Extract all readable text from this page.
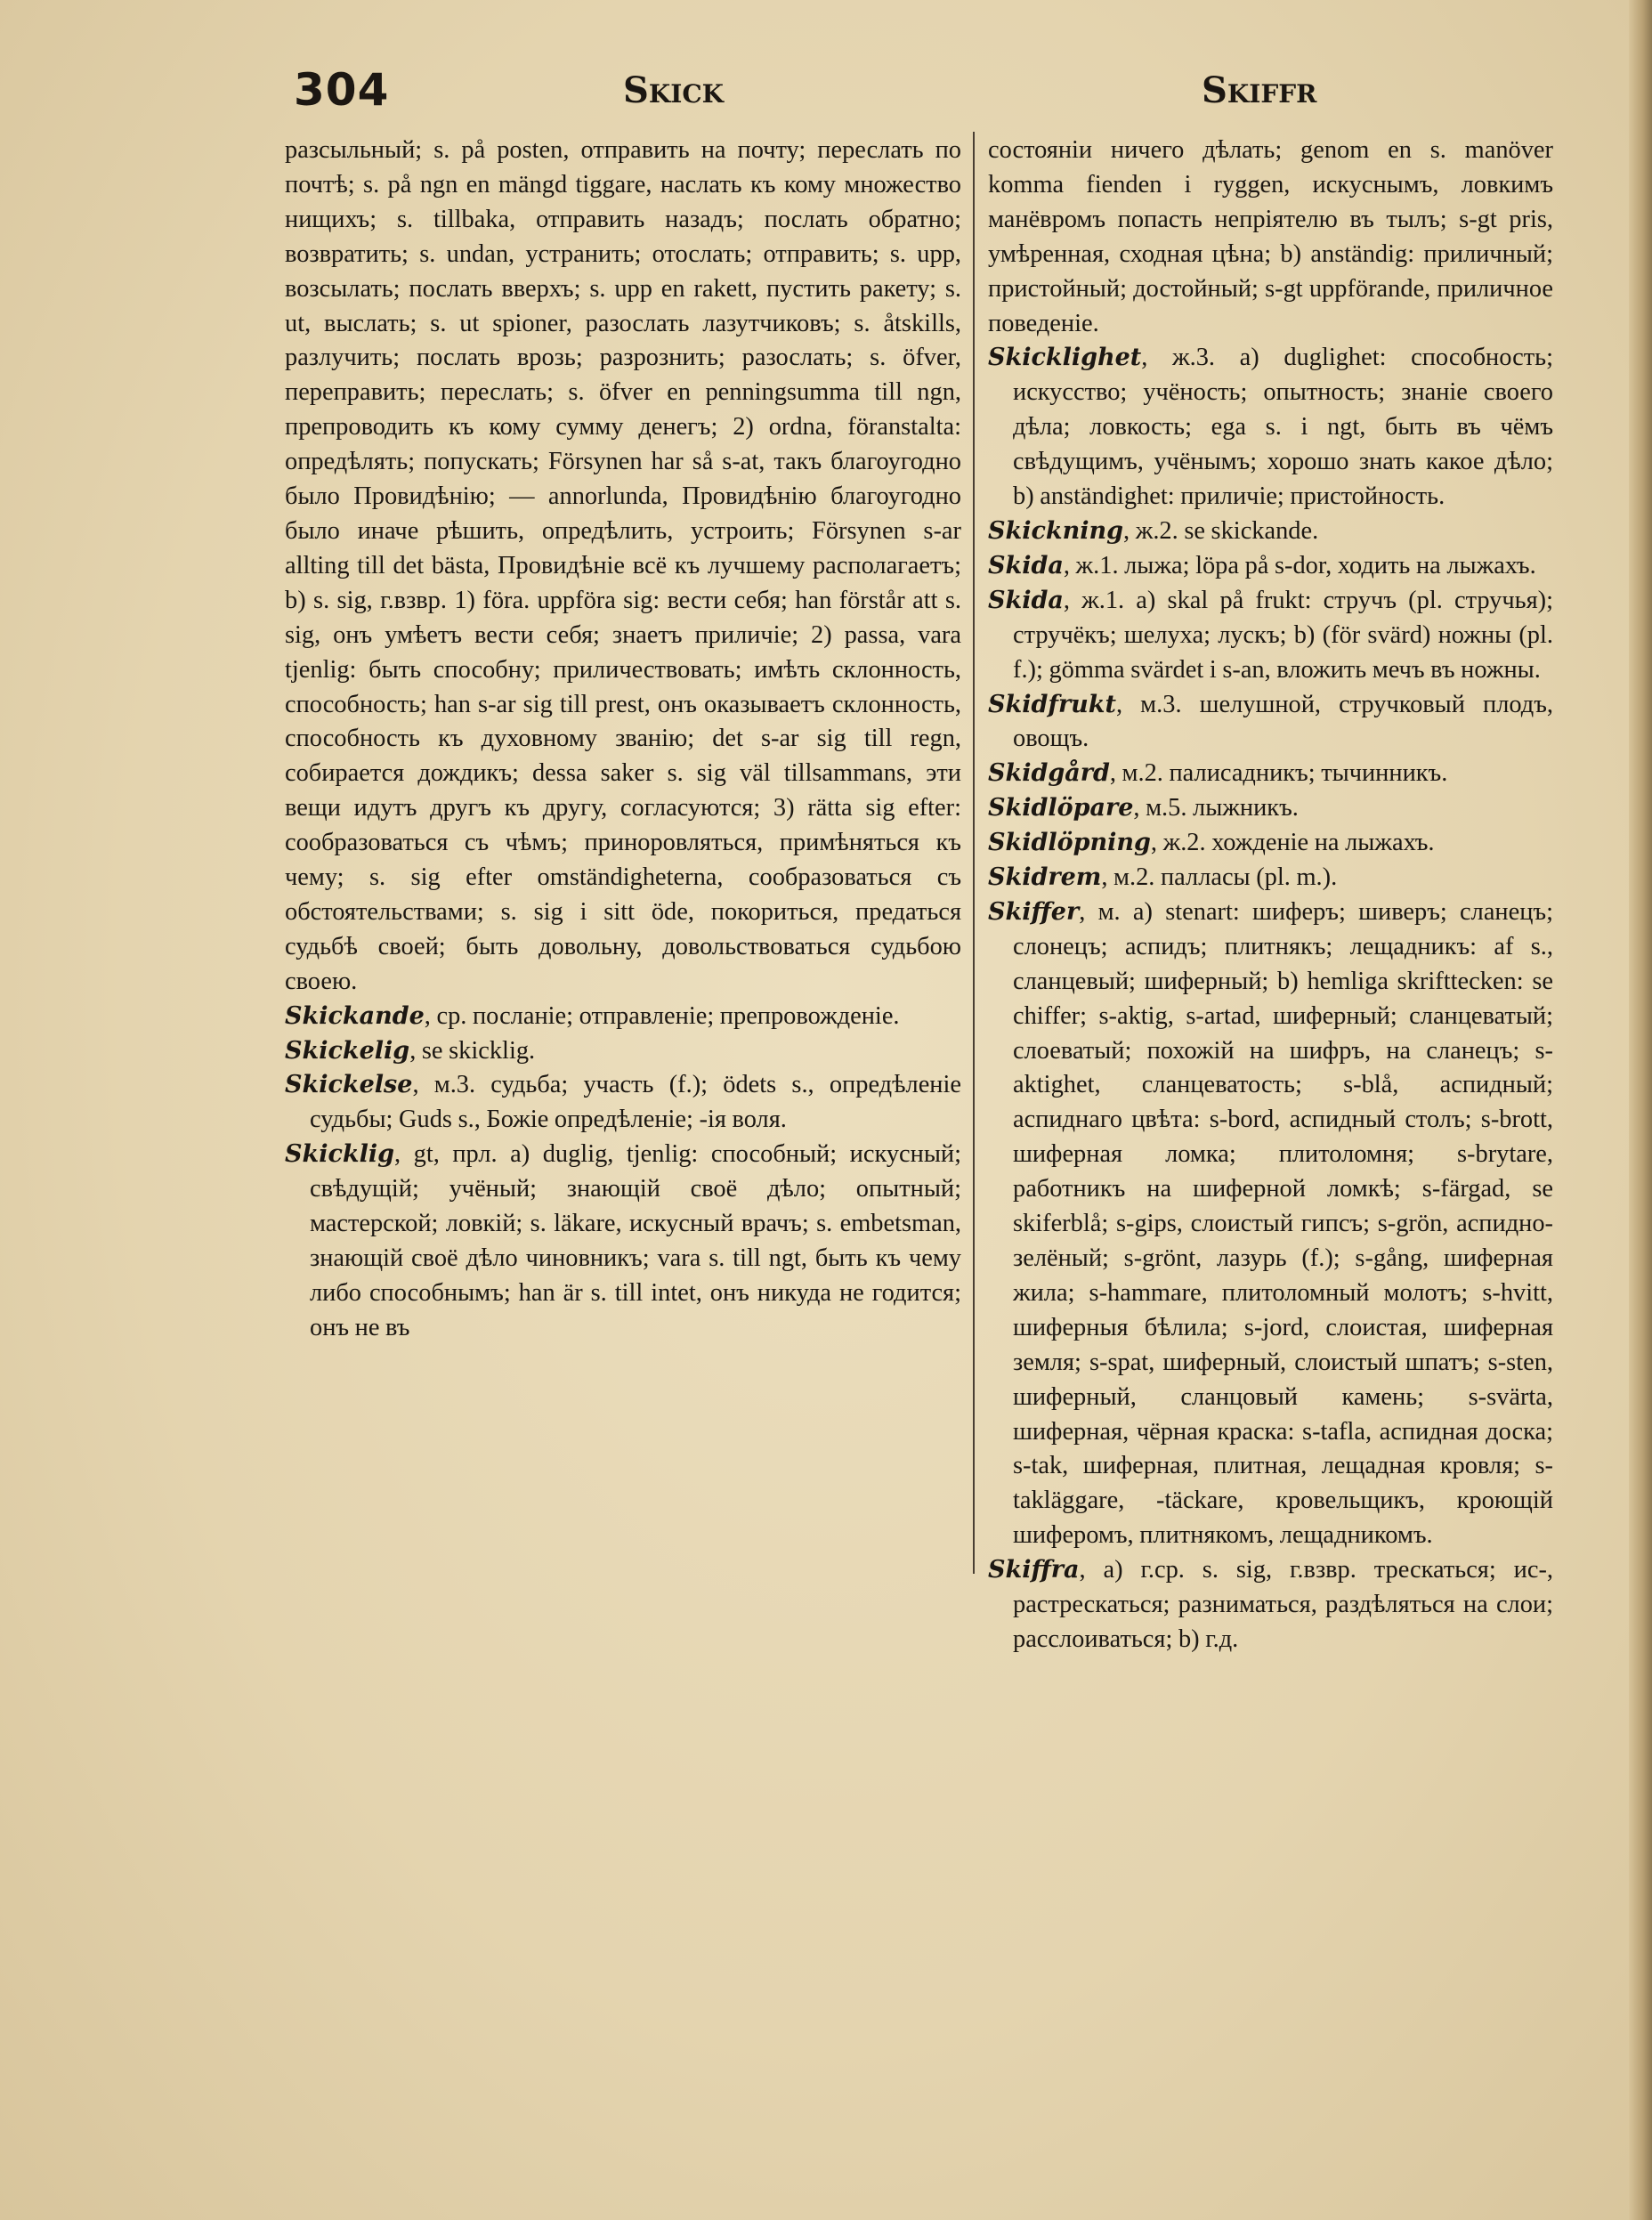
304	Skick	Skiffr

разсыльный; s. på posten, отправить на почту; переслать по почтѣ; s. på ngn en mängd tiggare, наслать къ кому множество нищихъ; s. tillbaka, отправить назадъ; послать обратно; возвратить; s. undan, устранить; отослать; отправить; s. upp, возсылать; послать вверхъ; s. upp en rakett, пустить ракету; s. ut, выслать; s. ut spioner, разослать лазутчиковъ; s. åtskills, разлучить; послать врозь; разрознить; разослать; s. öfver, переправить; переслать; s. öfver en penningsumma till ngn, препроводить къ кому сумму денегъ; 2) ordna, föranstalta: опредѣлять; попускать; Försynen har så s-at, такъ благоугодно было Провидѣнію; — annorlunda, Провидѣнію благоугодно было иначе рѣшить, опредѣлить, устроить; Försynen s-ar allting till det bästa, Провидѣніе всё къ лучшему располагаетъ; b) s. sig, г.взвр. 1) föra. uppföra sig: вести себя; han förstår att s. sig, онъ умѣетъ вести себя; знаетъ приличіе; 2) passa, vara tjenlig: быть способну; приличествовать; имѣть склонность, способность; han s-ar sig till prest, онъ оказываетъ склонность, способность къ духовному званію; det s-ar sig till regn, собирается дождикъ; dessa saker s. sig väl tillsammans, эти вещи идутъ другъ къ другу, согласуются; 3) rätta sig efter: сообразоваться съ чѣмъ; приноровляться, примѣняться къ чему; s. sig efter omständigheterna, сообразоваться съ обстоятельствами; s. sig i sitt öde, покориться, предаться судьбѣ своей; быть довольну, довольствоваться судьбою своею.

Skickande, ср. посланіе; отправленіе; препровожденіе.

Skickelig, se skicklig.

Skickelse, м.3. судьба; участь (f.); ödets s., опредѣленіе судьбы; Guds s., Божіе опредѣленіе; -ія воля.

Skicklig, gt, прл. a) duglig, tjenlig: способный; искусный; свѣдущій; учёный; знающій своё дѣло; опытный; мастерской; ловкій; s. läkare, искусный врачъ; s. embetsman, знающій своё дѣло чиновникъ; vara s. till ngt, быть къ чему либо способнымъ; han är s. till intet, онъ никуда не годится; онъ не въ

состояніи ничего дѣлать; genom en s. manöver komma fienden i ryggen, искуснымъ, ловкимъ манёвромъ попасть непріятелю въ тылъ; s-gt pris, умѣренная, сходная цѣна; b) anständig: приличный; пристойный; достойный; s-gt uppförande, приличное поведеніе.

Skicklighet, ж.3. a) duglighet: способность; искусство; учёность; опытность; знаніе своего дѣла; ловкость; ega s. i ngt, быть въ чёмъ свѣдущимъ, учёнымъ; хорошо знать какое дѣло; b) anständighet: приличіе; пристойность.

Skickning, ж.2. se skickande.

Skida, ж.1. лыжа; löpa på s-dor, ходить на лыжахъ.

Skida, ж.1. a) skal på frukt: стручъ (pl. стручья); стручёкъ; шелуха; лускъ; b) (för svärd) ножны (pl. f.); gömma svärdet i s-an, вложить мечъ въ ножны.

Skidfrukt, м.3. шелушной, стручковый плодъ, овощъ.

Skidgård, м.2. палисадникъ; тычинникъ.

Skidlöpare, м.5. лыжникъ.

Skidlöpning, ж.2. хожденіе на лыжахъ.

Skidrem, м.2. палласы (pl. m.).

Skiffer, м. a) stenart: шиферъ; шиверъ; сланецъ; слонецъ; аспидъ; плитнякъ; лещадникъ: af s., сланцевый; шиферный; b) hemliga skrifttecken: se chiffer; s-aktig, s-artad, шиферный; сланцеватый; слоеватый; похожій на шифръ, на сланецъ; s-aktighet, сланцеватость; s-blå, аспидный; аспиднаго цвѣта: s-bord, аспидный столъ; s-brott, шиферная ломка; плитоломня; s-brytare, работникъ на шиферной ломкѣ; s-färgad, se skiferblå; s-gips, слоистый гипсъ; s-grön, аспидно-зелёный; s-grönt, лазурь (f.); s-gång, шиферная жила; s-hammare, плитоломный молотъ; s-hvitt, шиферныя бѣлила; s-jord, слоистая, шиферная земля; s-spat, шиферный, слоистый шпатъ; s-sten, шиферный, сланцовый камень; s-svärta, шиферная, чёрная краска: s-tafla, аспидная доска; s-tak, шиферная, плитная, лещадная кровля; s-takläggare, -täckare, кровельщикъ, кроющій шиферомъ, плитнякомъ, лещадникомъ.

Skiffra, a) г.ср. s. sig, г.взвр. трескаться; ис-, растрескаться; разниматься, раздѣляться на слои; расслоиваться; b) г.д.
